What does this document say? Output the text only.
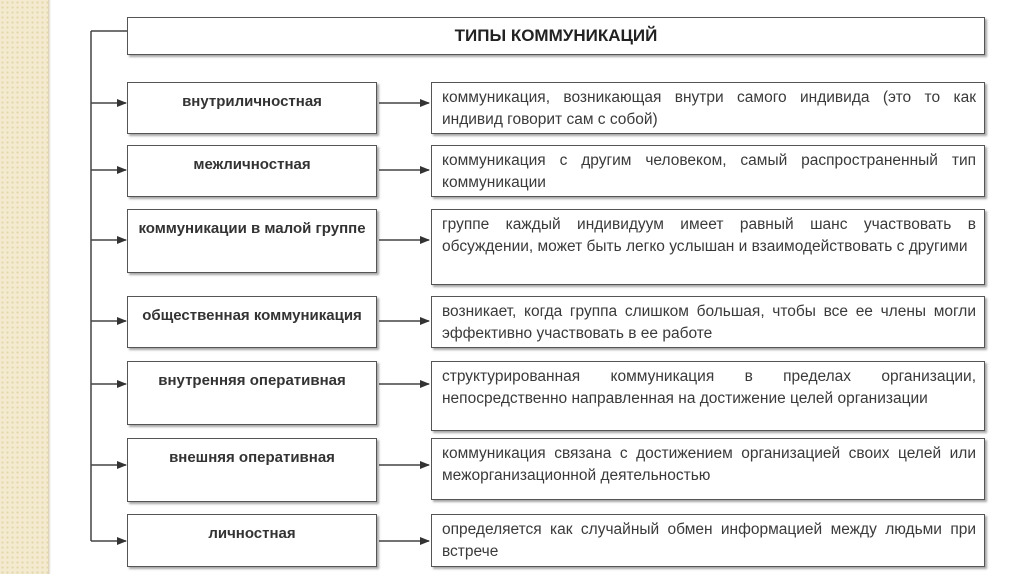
ТИПЫ КОММУНИКАЦИЙ
внутриличностная	коммуникация, возникающая внутри самого индивида (это то как индивид говорит сам с собой)
межличностная	коммуникация с другим человеком, самый распространенный тип коммуникации
коммуникации в малой группе	группе каждый индивидуум имеет равный шанс участвовать в обсуждении, может быть легко услышан и взаимодействовать с другими
общественная коммуникация	возникает, когда группа слишком большая, чтобы все ее члены могли эффективно участвовать в ее работе
внутренняя оперативная	структурированная коммуникация в пределах организации, непосредственно направленная на достижение целей организации
внешняя оперативная	коммуникация связана с достижением организацией своих целей или межорганизационной деятельностью
личностная	определяется как случайный обмен информацией между людьми при встрече
